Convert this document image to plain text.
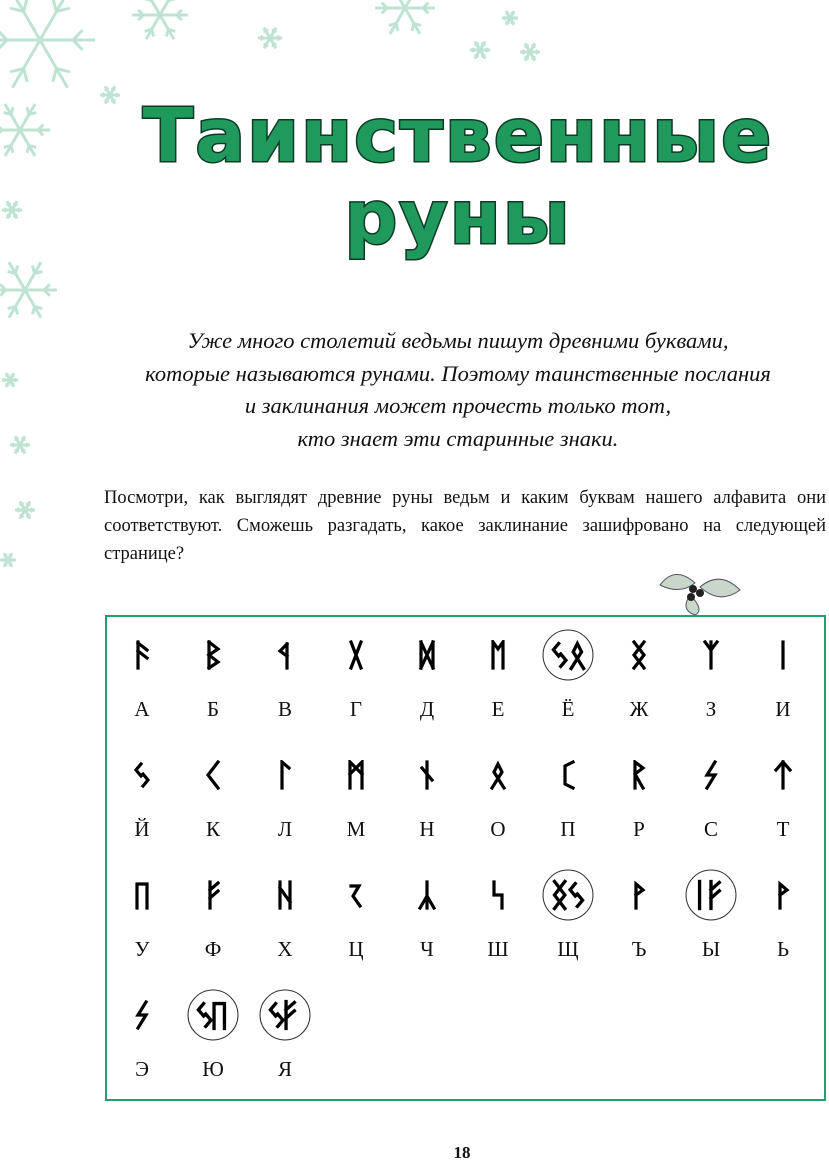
Таинственные
руны
Уже много столетий ведьмы пишут древними буквами,
которые называются рунами. Поэтому таинственные послания
и заклинания может прочесть только тот,
кто знает эти старинные знаки.
Посмотри, как выглядят древние руны ведьм и каким буквам нашего алфавита они соответствуют. Сможешь разгадать, какое заклинание зашифровано на следующей странице?
А	Б	В	Г	Д	Е	Ё	Ж	З	И
Й	К	Л	М	Н	О	П	Р	С	Т
У	Ф	Х	Ц	Ч	Ш	Щ	Ъ	Ы	Ь
Э	Ю	Я
18
